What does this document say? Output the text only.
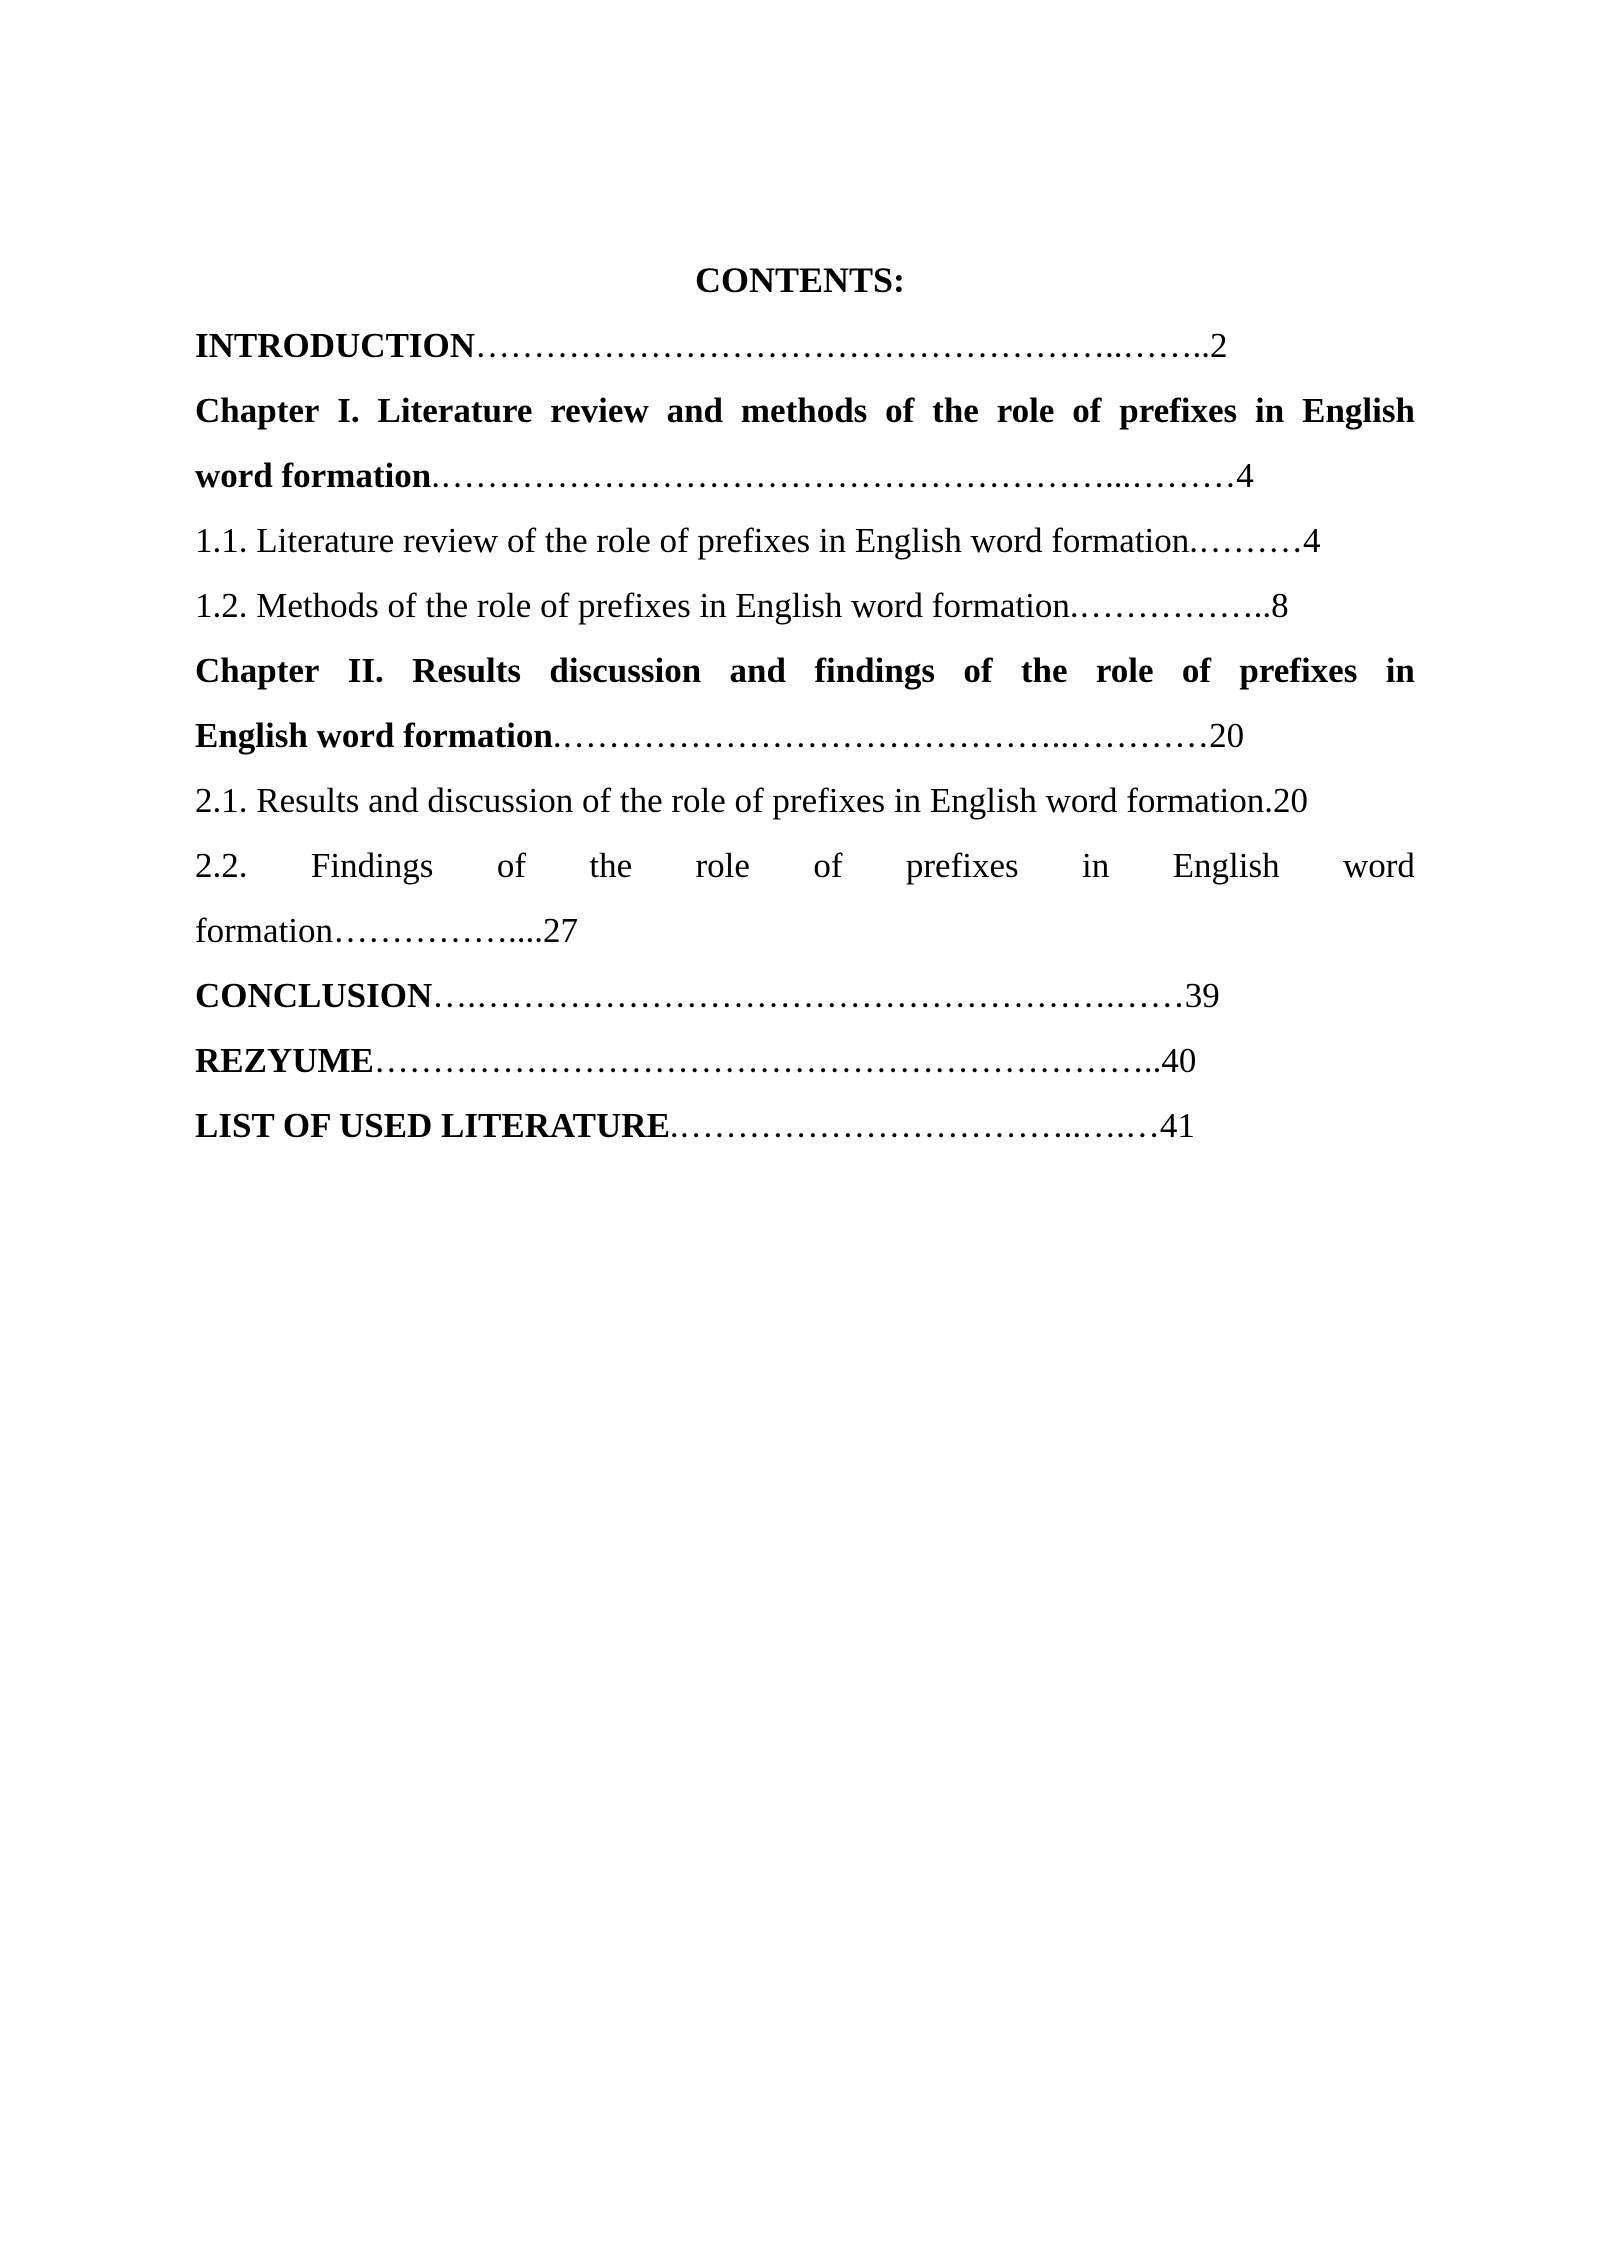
CONTENTS:
INTRODUCTION………………………………………………..……..2
Chapter I. Literature review and methods of the role of prefixes in English
word formation.…………………………………………………...………4
1.1. Literature review of the role of prefixes in English word formation.………4
1.2. Methods of the role of prefixes in English word formation.……………..8
Chapter II. Results discussion and findings of the role of prefixes in
English word formation.……………………………………..…………20
2.1. Results and discussion of the role of prefixes in English word formation.20
2.2. Findings of the role of prefixes in English word
formation……………....27
CONCLUSION….……………………………………………….……39
REZYUME…………………………………………………………..40
LIST OF USED LITERATURE.……………………………..….…41
